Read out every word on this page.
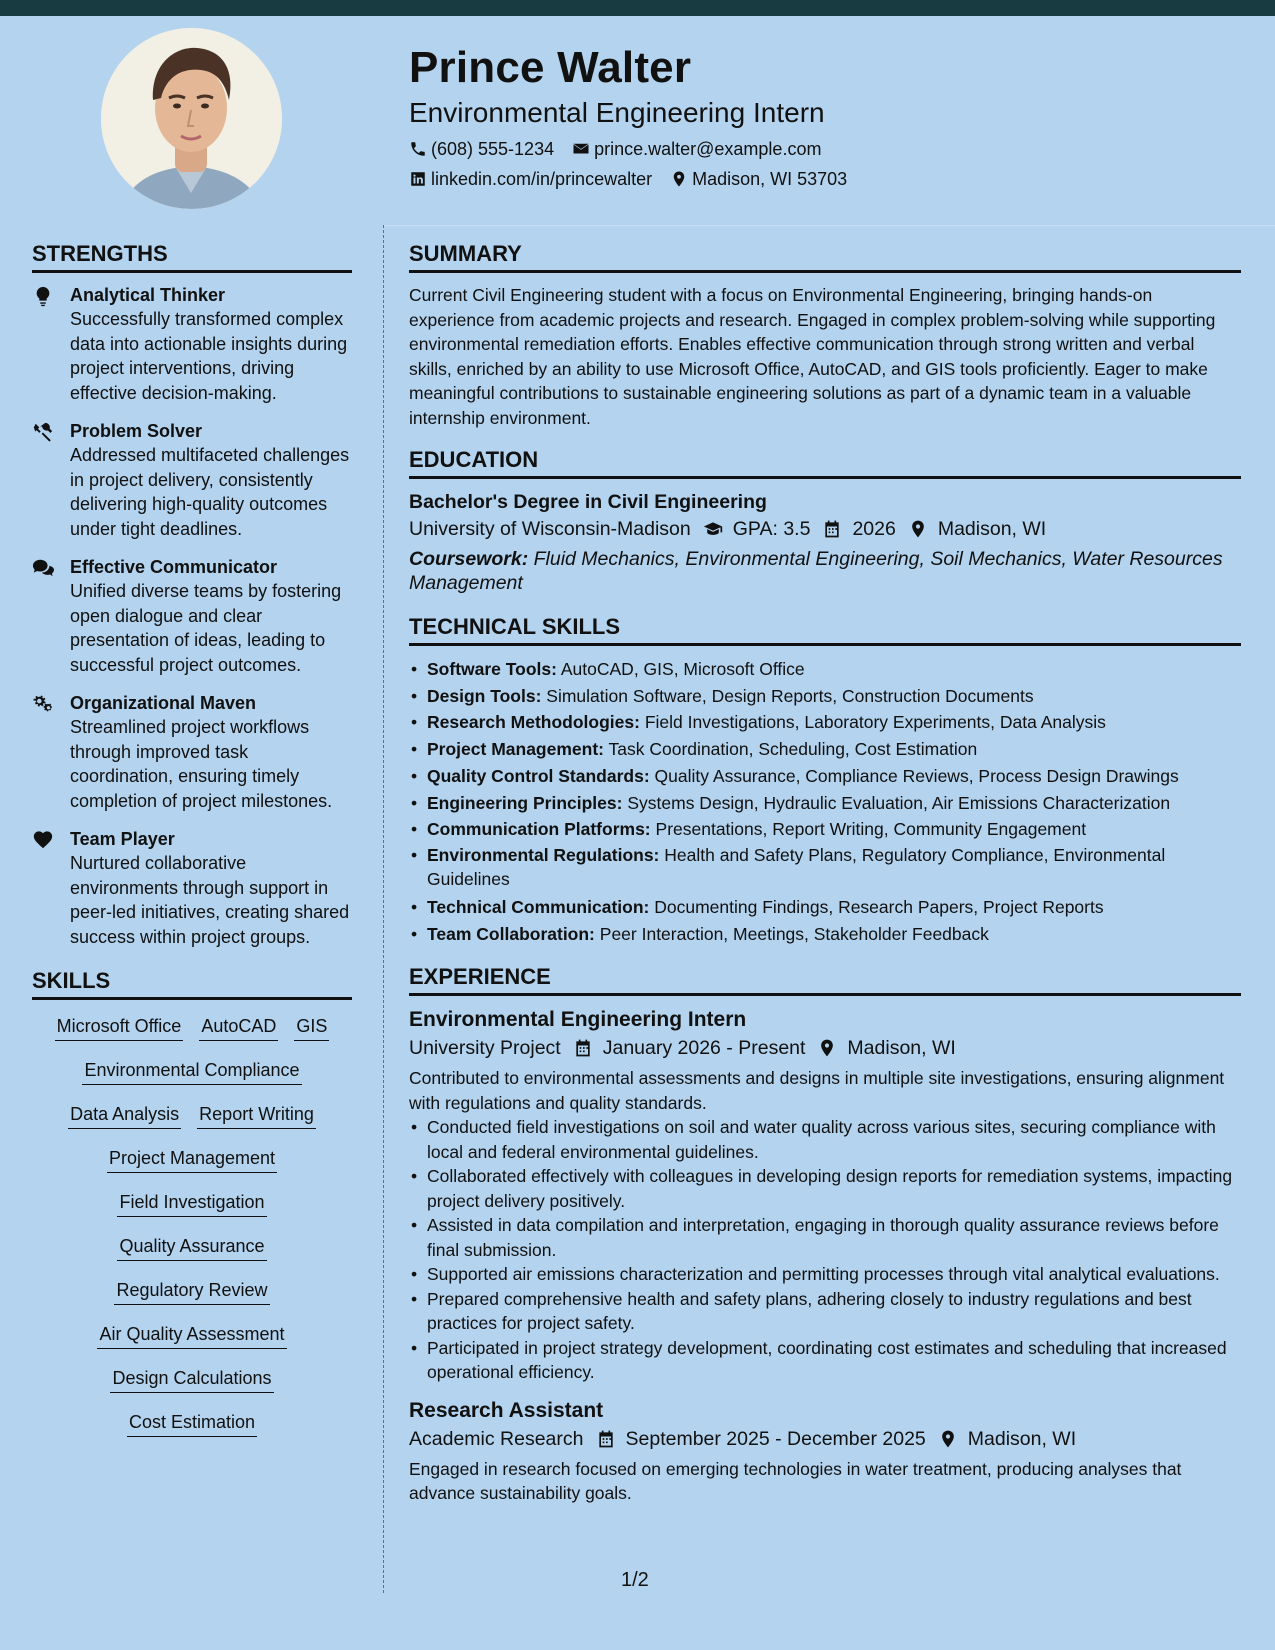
Prince Walter
Environmental Engineering Intern
(608) 555-1234 prince.walter@example.com
linkedin.com/in/princewalter Madison, WI 53703
STRENGTHS
Analytical Thinker
Successfully transformed complex data into actionable insights during project interventions, driving effective decision-making.
Problem Solver
Addressed multifaceted challenges in project delivery, consistently delivering high-quality outcomes under tight deadlines.
Effective Communicator
Unified diverse teams by fostering open dialogue and clear presentation of ideas, leading to successful project outcomes.
Organizational Maven
Streamlined project workflows through improved task coordination, ensuring timely completion of project milestones.
Team Player
Nurtured collaborative environments through support in peer-led initiatives, creating shared success within project groups.
SKILLS
Microsoft Office AutoCAD GIS
Environmental Compliance
Data Analysis Report Writing
Project Management
Field Investigation
Quality Assurance
Regulatory Review
Air Quality Assessment
Design Calculations
Cost Estimation
SUMMARY
Current Civil Engineering student with a focus on Environmental Engineering, bringing hands-on experience from academic projects and research. Engaged in complex problem-solving while supporting environmental remediation efforts. Enables effective communication through strong written and verbal skills, enriched by an ability to use Microsoft Office, AutoCAD, and GIS tools proficiently. Eager to make meaningful contributions to sustainable engineering solutions as part of a dynamic team in a valuable internship environment.
EDUCATION
Bachelor's Degree in Civil Engineering
University of Wisconsin-Madison GPA: 3.5 2026 Madison, WI
Coursework: Fluid Mechanics, Environmental Engineering, Soil Mechanics, Water Resources Management
TECHNICAL SKILLS
• Software Tools: AutoCAD, GIS, Microsoft Office
• Design Tools: Simulation Software, Design Reports, Construction Documents
• Research Methodologies: Field Investigations, Laboratory Experiments, Data Analysis
• Project Management: Task Coordination, Scheduling, Cost Estimation
• Quality Control Standards: Quality Assurance, Compliance Reviews, Process Design Drawings
• Engineering Principles: Systems Design, Hydraulic Evaluation, Air Emissions Characterization
• Communication Platforms: Presentations, Report Writing, Community Engagement
• Environmental Regulations: Health and Safety Plans, Regulatory Compliance, Environmental Guidelines
• Technical Communication: Documenting Findings, Research Papers, Project Reports
• Team Collaboration: Peer Interaction, Meetings, Stakeholder Feedback
EXPERIENCE
Environmental Engineering Intern
University Project January 2026 - Present Madison, WI
Contributed to environmental assessments and designs in multiple site investigations, ensuring alignment with regulations and quality standards.
• Conducted field investigations on soil and water quality across various sites, securing compliance with local and federal environmental guidelines.
• Collaborated effectively with colleagues in developing design reports for remediation systems, impacting project delivery positively.
• Assisted in data compilation and interpretation, engaging in thorough quality assurance reviews before final submission.
• Supported air emissions characterization and permitting processes through vital analytical evaluations.
• Prepared comprehensive health and safety plans, adhering closely to industry regulations and best practices for project safety.
• Participated in project strategy development, coordinating cost estimates and scheduling that increased operational efficiency.
Research Assistant
Academic Research September 2025 - December 2025 Madison, WI
Engaged in research focused on emerging technologies in water treatment, producing analyses that advance sustainability goals.
1/2
